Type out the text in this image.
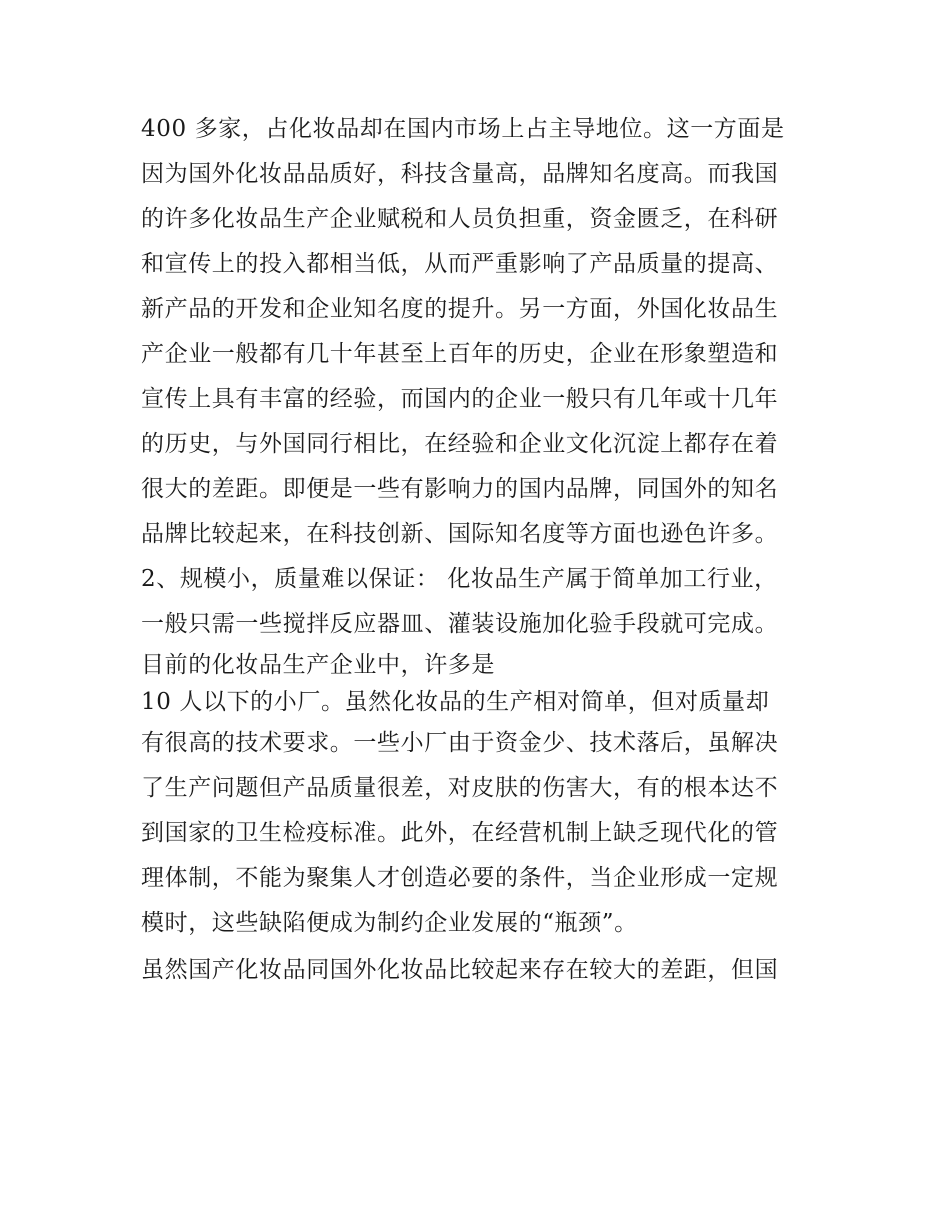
400 多家，占化妆品却在国内市场上占主导地位。这一方面是
因为国外化妆品品质好，科技含量高，品牌知名度高。而我国
的许多化妆品生产企业赋税和人员负担重，资金匮乏，在科研
和宣传上的投入都相当低，从而严重影响了产品质量的提高、
新产品的开发和企业知名度的提升。另一方面，外国化妆品生
产企业一般都有几十年甚至上百年的历史，企业在形象塑造和
宣传上具有丰富的经验，而国内的企业一般只有几年或十几年
的历史，与外国同行相比，在经验和企业文化沉淀上都存在着
很大的差距。即便是一些有影响力的国内品牌，同国外的知名
品牌比较起来，在科技创新、国际知名度等方面也逊色许多。
2、规模小，质量难以保证： 化妆品生产属于简单加工行业，
一般只需一些搅拌反应器皿、灌装设施加化验手段就可完成。
目前的化妆品生产企业中，许多是
10 人以下的小厂。虽然化妆品的生产相对简单，但对质量却
有很高的技术要求。一些小厂由于资金少、技术落后，虽解决
了生产问题但产品质量很差，对皮肤的伤害大，有的根本达不
到国家的卫生检疫标准。此外，在经营机制上缺乏现代化的管
理体制，不能为聚集人才创造必要的条件，当企业形成一定规
模时，这些缺陷便成为制约企业发展的“瓶颈”。
虽然国产化妆品同国外化妆品比较起来存在较大的差距，但国
